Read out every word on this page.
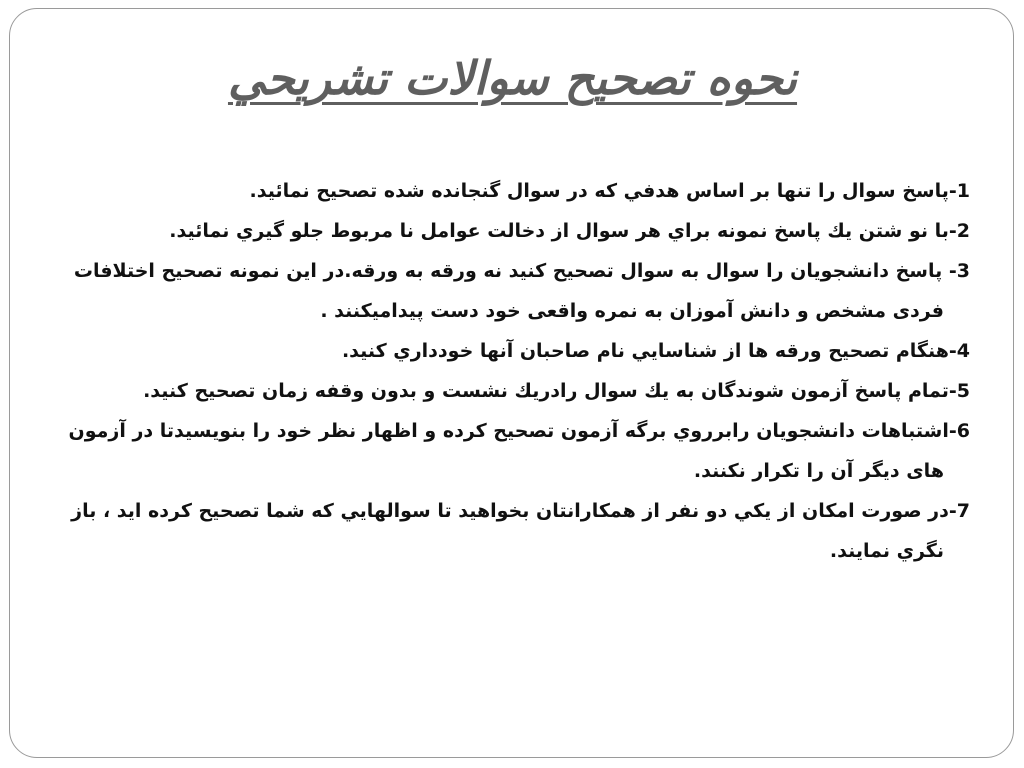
نحوه تصحيح سوالات تشريحي
1-پاسخ سوال را تنها بر اساس هدفي كه در سوال گنجانده شده تصحيح نمائيد.
2-با نو شتن يك پاسخ نمونه براي هر سوال از دخالت عوامل نا مربوط جلو گيري نمائيد.
3- پاسخ دانشجويان را سوال به سوال تصحيح كنيد نه ورقه به ورقه.در این نمونه تصحیح اختلافات فردی مشخص و دانش آموزان به نمره واقعی خود دست پیدامیکنند .
4-هنگام تصحيح ورقه ها از شناسايي نام صاحبان آنها خودداري كنيد.
5-تمام پاسخ آزمون شوندگان به يك سوال رادريك نشست و بدون وقفه زمان تصحيح كنيد.
6-اشتباهات دانشجويان رابرروي برگه آزمون تصحیح کرده و اظهار نظر خود را بنويسيدتا در آزمون های دیگر آن را تکرار نکنند.
7-در صورت امكان از يكي دو نفر از همكارانتان بخواهيد تا سوالهايي كه شما تصحيح كرده ايد ، باز نگري نمايند.
